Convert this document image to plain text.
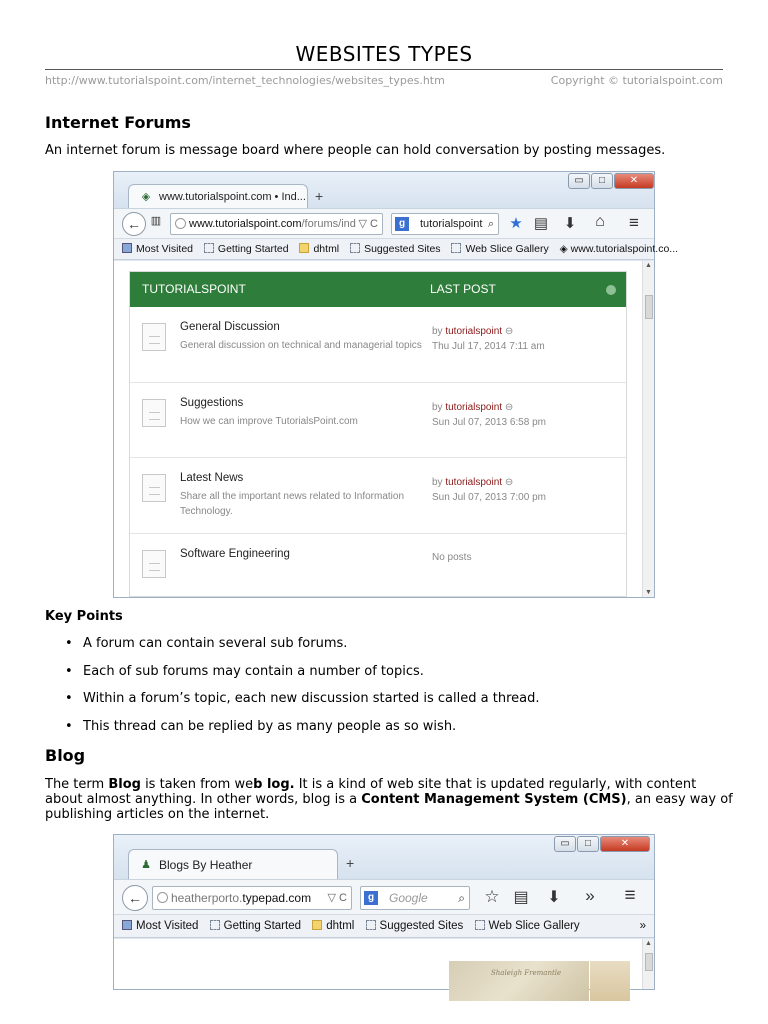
WEBSITES TYPES
http://www.tutorialspoint.com/internet_technologies/websites_types.htm	Copyright © tutorialspoint.com
Internet Forums
An internet forum is message board where people can hold conversation by posting messages.
◈ www.tutorialspoint.com • Ind... +
▭	□	✕
← ▥	www.tutorialspoint.com/forums/ind ▽ C	g	tutorialspoint ⌕ ★ ▤ ⬇	⌂	≡
Most Visited Getting Started dhtml Suggested Sites Web Slice Gallery ◈ www.tutorialspoint.co...
TUTORIALSPOINT	LAST POST
General Discussion
General discussion on technical and managerial topics
by tutorialspoint ⊖
Thu Jul 17, 2014 7:11 am
Suggestions
How we can improve TutorialsPoint.com
by tutorialspoint ⊖
Sun Jul 07, 2013 6:58 pm
Latest News
Share all the important news related to Information Technology.
by tutorialspoint ⊖
Sun Jul 07, 2013 7:00 pm
Software Engineering	No posts
▲
▼
Key Points
• A forum can contain several sub forums.
• Each of sub forums may contain a number of topics.
• Within a forum’s topic, each new discussion started is called a thread.
• This thread can be replied by as many people as so wish.
Blog
The term Blog is taken from web log. It is a kind of web site that is updated regularly, with content about almost anything. In other words, blog is a Content Management System (CMS), an easy way of publishing articles on the internet.
♟ Blogs By Heather	+
▭	□	✕
←	heatherporto.typepad.com ▽ C	g	Google	⌕ ☆ ▤ ⬇	» ≡
Most Visited Getting Started dhtml Suggested Sites Web Slice Gallery	»
Shaleigh Fremantle
▲
